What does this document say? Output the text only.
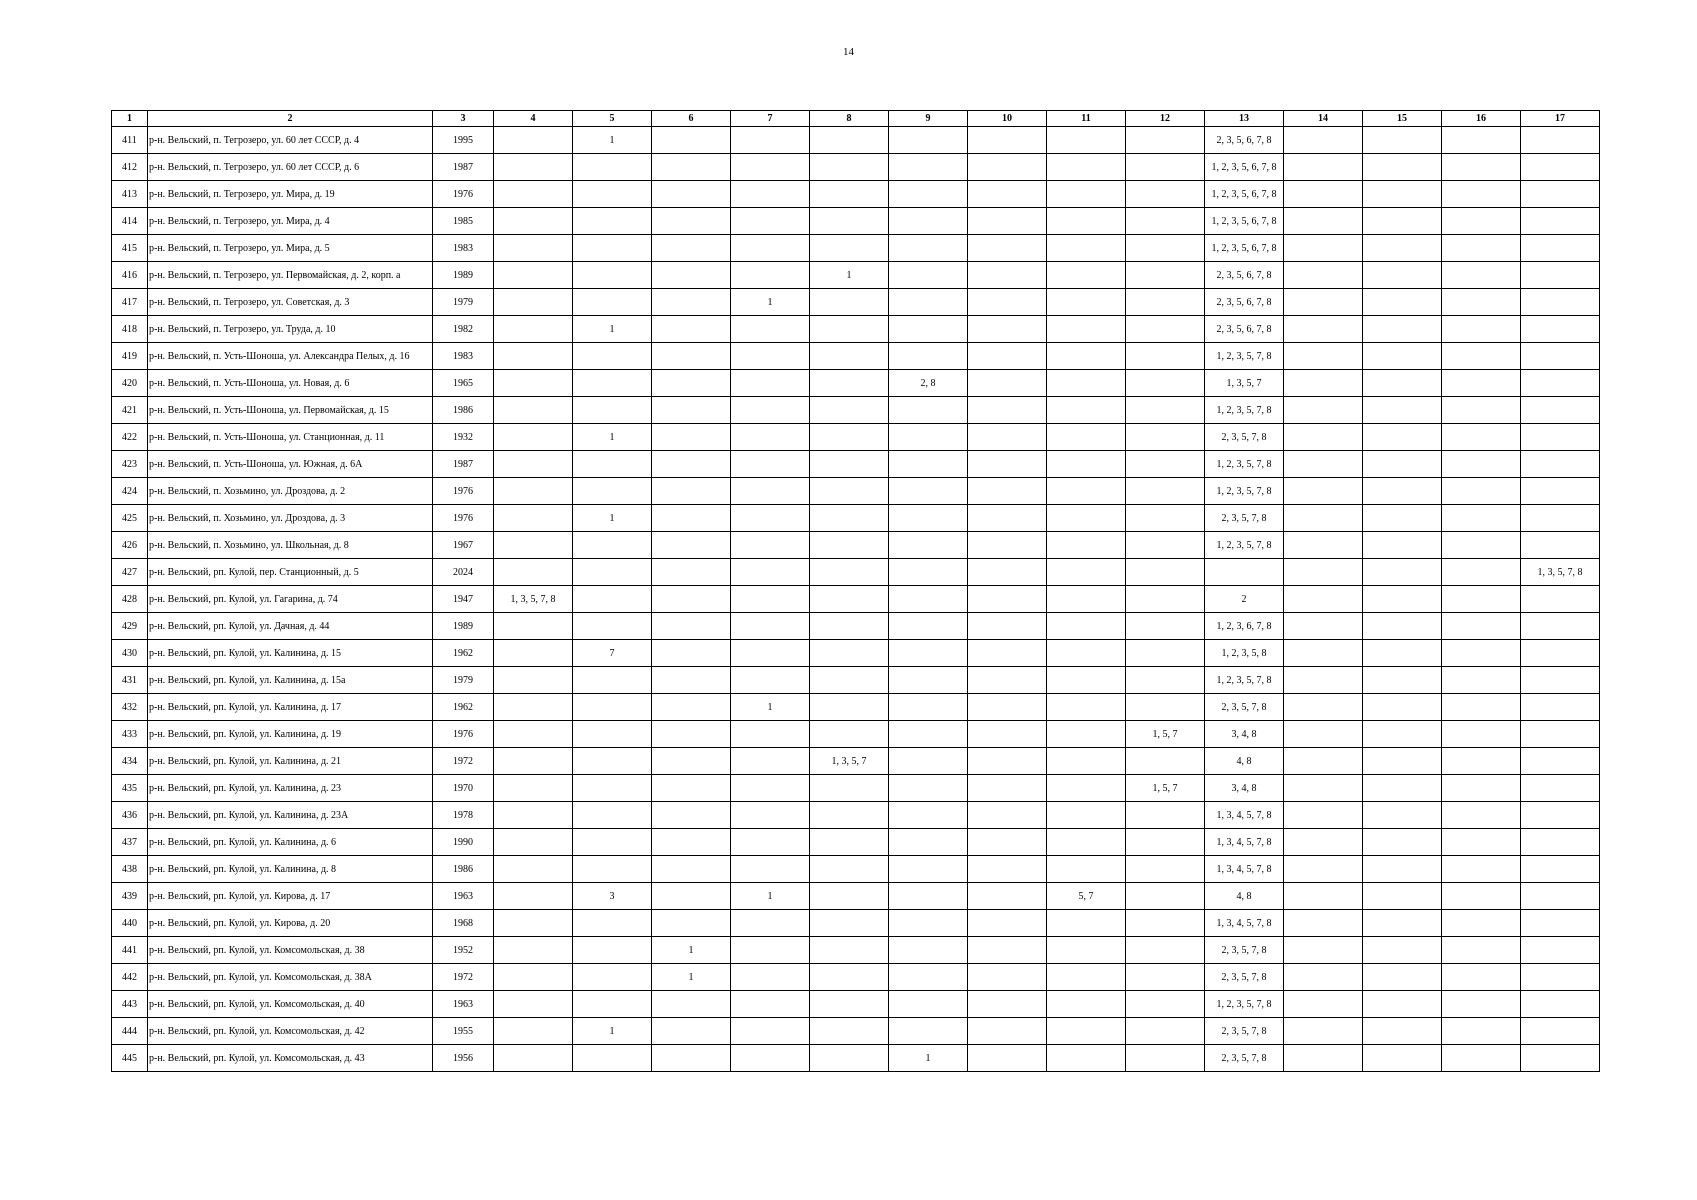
14
1	2	3	4	5	6	7	8	9	10	11	12	13	14	15	16	17
411	р-н. Вельский, п. Тегрозеро, ул. 60 лет СССР, д. 4	1995		1								2, 3, 5, 6, 7, 8				
412	р-н. Вельский, п. Тегрозеро, ул. 60 лет СССР, д. 6	1987										1, 2, 3, 5, 6, 7, 8				
413	р-н. Вельский, п. Тегрозеро, ул. Мира, д. 19	1976										1, 2, 3, 5, 6, 7, 8				
414	р-н. Вельский, п. Тегрозеро, ул. Мира, д. 4	1985										1, 2, 3, 5, 6, 7, 8				
415	р-н. Вельский, п. Тегрозеро, ул. Мира, д. 5	1983										1, 2, 3, 5, 6, 7, 8				
416	р-н. Вельский, п. Тегрозеро, ул. Первомайская, д. 2, корп. а	1989					1					2, 3, 5, 6, 7, 8				
417	р-н. Вельский, п. Тегрозеро, ул. Советская, д. 3	1979				1						2, 3, 5, 6, 7, 8				
418	р-н. Вельский, п. Тегрозеро, ул. Труда, д. 10	1982		1								2, 3, 5, 6, 7, 8				
419	р-н. Вельский, п. Усть-Шоноша, ул. Александра Пелых, д. 16	1983										1, 2, 3, 5, 7, 8				
420	р-н. Вельский, п. Усть-Шоноша, ул. Новая, д. 6	1965						2, 8				1, 3, 5, 7				
421	р-н. Вельский, п. Усть-Шоноша, ул. Первомайская, д. 15	1986										1, 2, 3, 5, 7, 8				
422	р-н. Вельский, п. Усть-Шоноша, ул. Станционная, д. 11	1932		1								2, 3, 5, 7, 8				
423	р-н. Вельский, п. Усть-Шоноша, ул. Южная, д. 6А	1987										1, 2, 3, 5, 7, 8				
424	р-н. Вельский, п. Хозьмино, ул. Дроздова, д. 2	1976										1, 2, 3, 5, 7, 8				
425	р-н. Вельский, п. Хозьмино, ул. Дроздова, д. 3	1976		1								2, 3, 5, 7, 8				
426	р-н. Вельский, п. Хозьмино, ул. Школьная, д. 8	1967										1, 2, 3, 5, 7, 8				
427	р-н. Вельский, рп. Кулой, пер. Станционный, д. 5	2024														1, 3, 5, 7, 8
428	р-н. Вельский, рп. Кулой, ул. Гагарина, д. 74	1947	1, 3, 5, 7, 8									2				
429	р-н. Вельский, рп. Кулой, ул. Дачная, д. 44	1989										1, 2, 3, 6, 7, 8				
430	р-н. Вельский, рп. Кулой, ул. Калинина, д. 15	1962		7								1, 2, 3, 5, 8				
431	р-н. Вельский, рп. Кулой, ул. Калинина, д. 15а	1979										1, 2, 3, 5, 7, 8				
432	р-н. Вельский, рп. Кулой, ул. Калинина, д. 17	1962				1						2, 3, 5, 7, 8				
433	р-н. Вельский, рп. Кулой, ул. Калинина, д. 19	1976									1, 5, 7	3, 4, 8				
434	р-н. Вельский, рп. Кулой, ул. Калинина, д. 21	1972					1, 3, 5, 7					4, 8				
435	р-н. Вельский, рп. Кулой, ул. Калинина, д. 23	1970									1, 5, 7	3, 4, 8				
436	р-н. Вельский, рп. Кулой, ул. Калинина, д. 23А	1978										1, 3, 4, 5, 7, 8				
437	р-н. Вельский, рп. Кулой, ул. Калинина, д. 6	1990										1, 3, 4, 5, 7, 8				
438	р-н. Вельский, рп. Кулой, ул. Калинина, д. 8	1986										1, 3, 4, 5, 7, 8				
439	р-н. Вельский, рп. Кулой, ул. Кирова, д. 17	1963		3		1				5, 7		4, 8				
440	р-н. Вельский, рп. Кулой, ул. Кирова, д. 20	1968										1, 3, 4, 5, 7, 8				
441	р-н. Вельский, рп. Кулой, ул. Комсомольская, д. 38	1952			1							2, 3, 5, 7, 8				
442	р-н. Вельский, рп. Кулой, ул. Комсомольская, д. 38А	1972			1							2, 3, 5, 7, 8				
443	р-н. Вельский, рп. Кулой, ул. Комсомольская, д. 40	1963										1, 2, 3, 5, 7, 8				
444	р-н. Вельский, рп. Кулой, ул. Комсомольская, д. 42	1955		1								2, 3, 5, 7, 8				
445	р-н. Вельский, рп. Кулой, ул. Комсомольская, д. 43	1956						1				2, 3, 5, 7, 8				
